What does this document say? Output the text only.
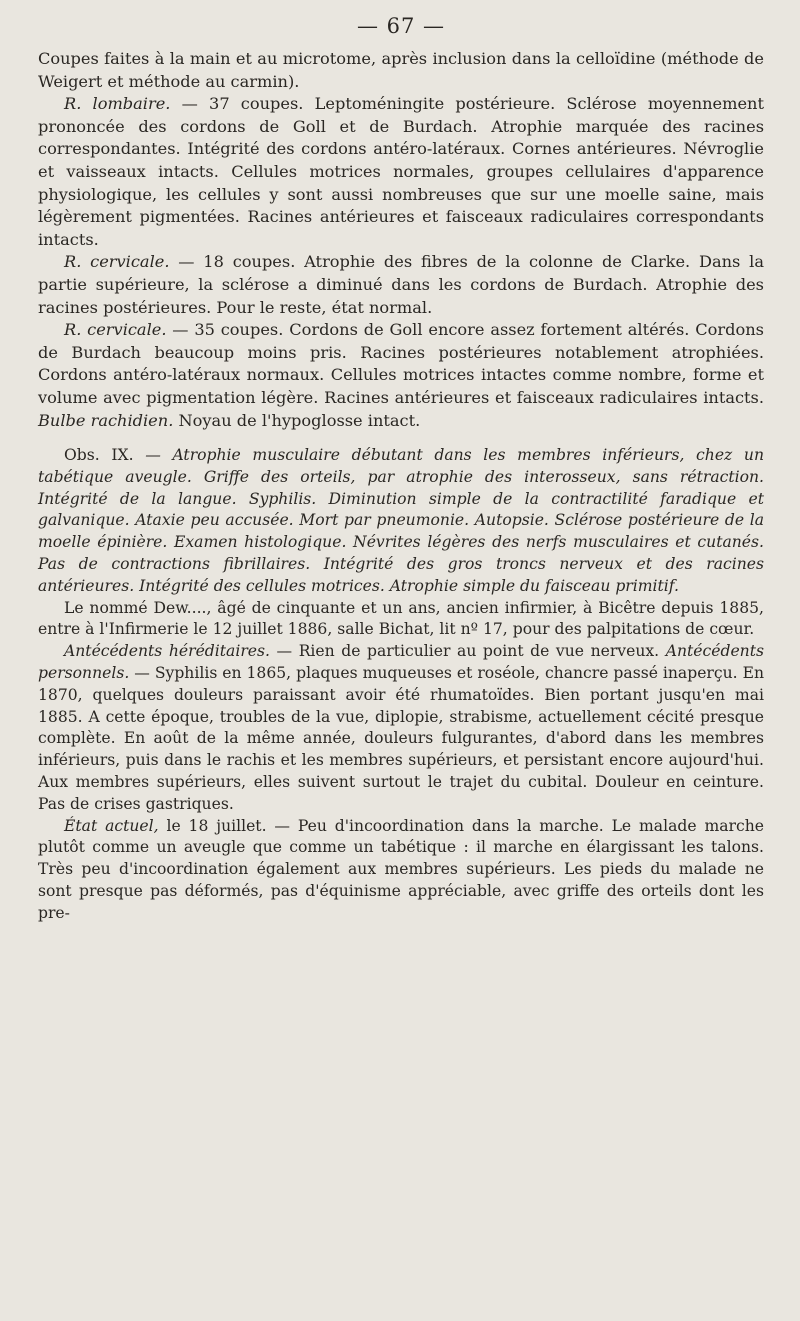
— 67 —

Coupes faites à la main et au microtome, après inclusion dans la celloïdine (méthode de Weigert et méthode au carmin).

R. lombaire. — 37 coupes. Leptoméningite postérieure. Sclérose moyennement prononcée des cordons de Goll et de Burdach. Atrophie marquée des racines correspondantes. Intégrité des cordons antéro-latéraux. Cornes antérieures. Névroglie et vaisseaux intacts. Cellules motrices normales, groupes cellulaires d'apparence physiologique, les cellules y sont aussi nombreuses que sur une moelle saine, mais légèrement pigmentées. Racines antérieures et faisceaux radiculaires correspondants intacts.

R. cervicale. — 18 coupes. Atrophie des fibres de la colonne de Clarke. Dans la partie supérieure, la sclérose a diminué dans les cordons de Burdach. Atrophie des racines postérieures. Pour le reste, état normal.

R. cervicale. — 35 coupes. Cordons de Goll encore assez fortement altérés. Cordons de Burdach beaucoup moins pris. Racines postérieures notablement atrophiées. Cordons antéro-latéraux normaux. Cellules motrices intactes comme nombre, forme et volume avec pigmentation légère. Racines antérieures et faisceaux radiculaires intacts. Bulbe rachidien. Noyau de l'hypoglosse intact.

Obs. IX. — Atrophie musculaire débutant dans les membres inférieurs, chez un tabétique aveugle. Griffe des orteils, par atrophie des interosseux, sans rétraction. Intégrité de la langue. Syphilis. Diminution simple de la contractilité faradique et galvanique. Ataxie peu accusée. Mort par pneumonie. Autopsie. Sclérose postérieure de la moelle épinière. Examen histologique. Névrites légères des nerfs musculaires et cutanés. Pas de contractions fibrillaires. Intégrité des gros troncs nerveux et des racines antérieures. Intégrité des cellules motrices. Atrophie simple du faisceau primitif.

Le nommé Dew...., âgé de cinquante et un ans, ancien infirmier, à Bicêtre depuis 1885, entre à l'Infirmerie le 12 juillet 1886, salle Bichat, lit nº 17, pour des palpitations de cœur.

Antécédents héréditaires. — Rien de particulier au point de vue nerveux. Antécédents personnels. — Syphilis en 1865, plaques muqueuses et roséole, chancre passé inaperçu. En 1870, quelques douleurs paraissant avoir été rhumatoïdes. Bien portant jusqu'en mai 1885. A cette époque, troubles de la vue, diplopie, strabisme, actuellement cécité presque complète. En août de la même année, douleurs fulgurantes, d'abord dans les membres inférieurs, puis dans le rachis et les membres supérieurs, et persistant encore aujourd'hui. Aux membres supérieurs, elles suivent surtout le trajet du cubital. Douleur en ceinture. Pas de crises gastriques.

État actuel, le 18 juillet. — Peu d'incoordination dans la marche. Le malade marche plutôt comme un aveugle que comme un tabétique : il marche en élargissant les talons. Très peu d'incoordination également aux membres supérieurs. Les pieds du malade ne sont presque pas déformés, pas d'équinisme appréciable, avec griffe des orteils dont les pre-
